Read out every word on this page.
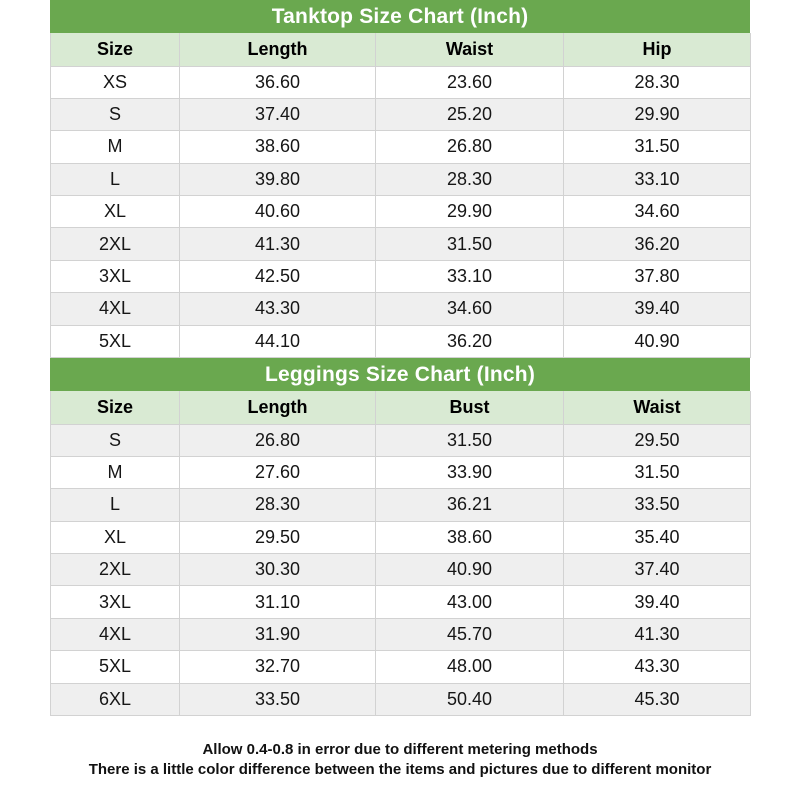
Tanktop Size Chart (Inch)
Size	Length	Waist	Hip
XS	36.60	23.60	28.30
S	37.40	25.20	29.90
M	38.60	26.80	31.50
L	39.80	28.30	33.10
XL	40.60	29.90	34.60
2XL	41.30	31.50	36.20
3XL	42.50	33.10	37.80
4XL	43.30	34.60	39.40
5XL	44.10	36.20	40.90
Leggings Size Chart (Inch)
Size	Length	Bust	Waist
S	26.80	31.50	29.50
M	27.60	33.90	31.50
L	28.30	36.21	33.50
XL	29.50	38.60	35.40
2XL	30.30	40.90	37.40
3XL	31.10	43.00	39.40
4XL	31.90	45.70	41.30
5XL	32.70	48.00	43.30
6XL	33.50	50.40	45.30

Allow 0.4-0.8 in error due to different metering methods

There is a little color difference between the items and pictures due to different monitor
